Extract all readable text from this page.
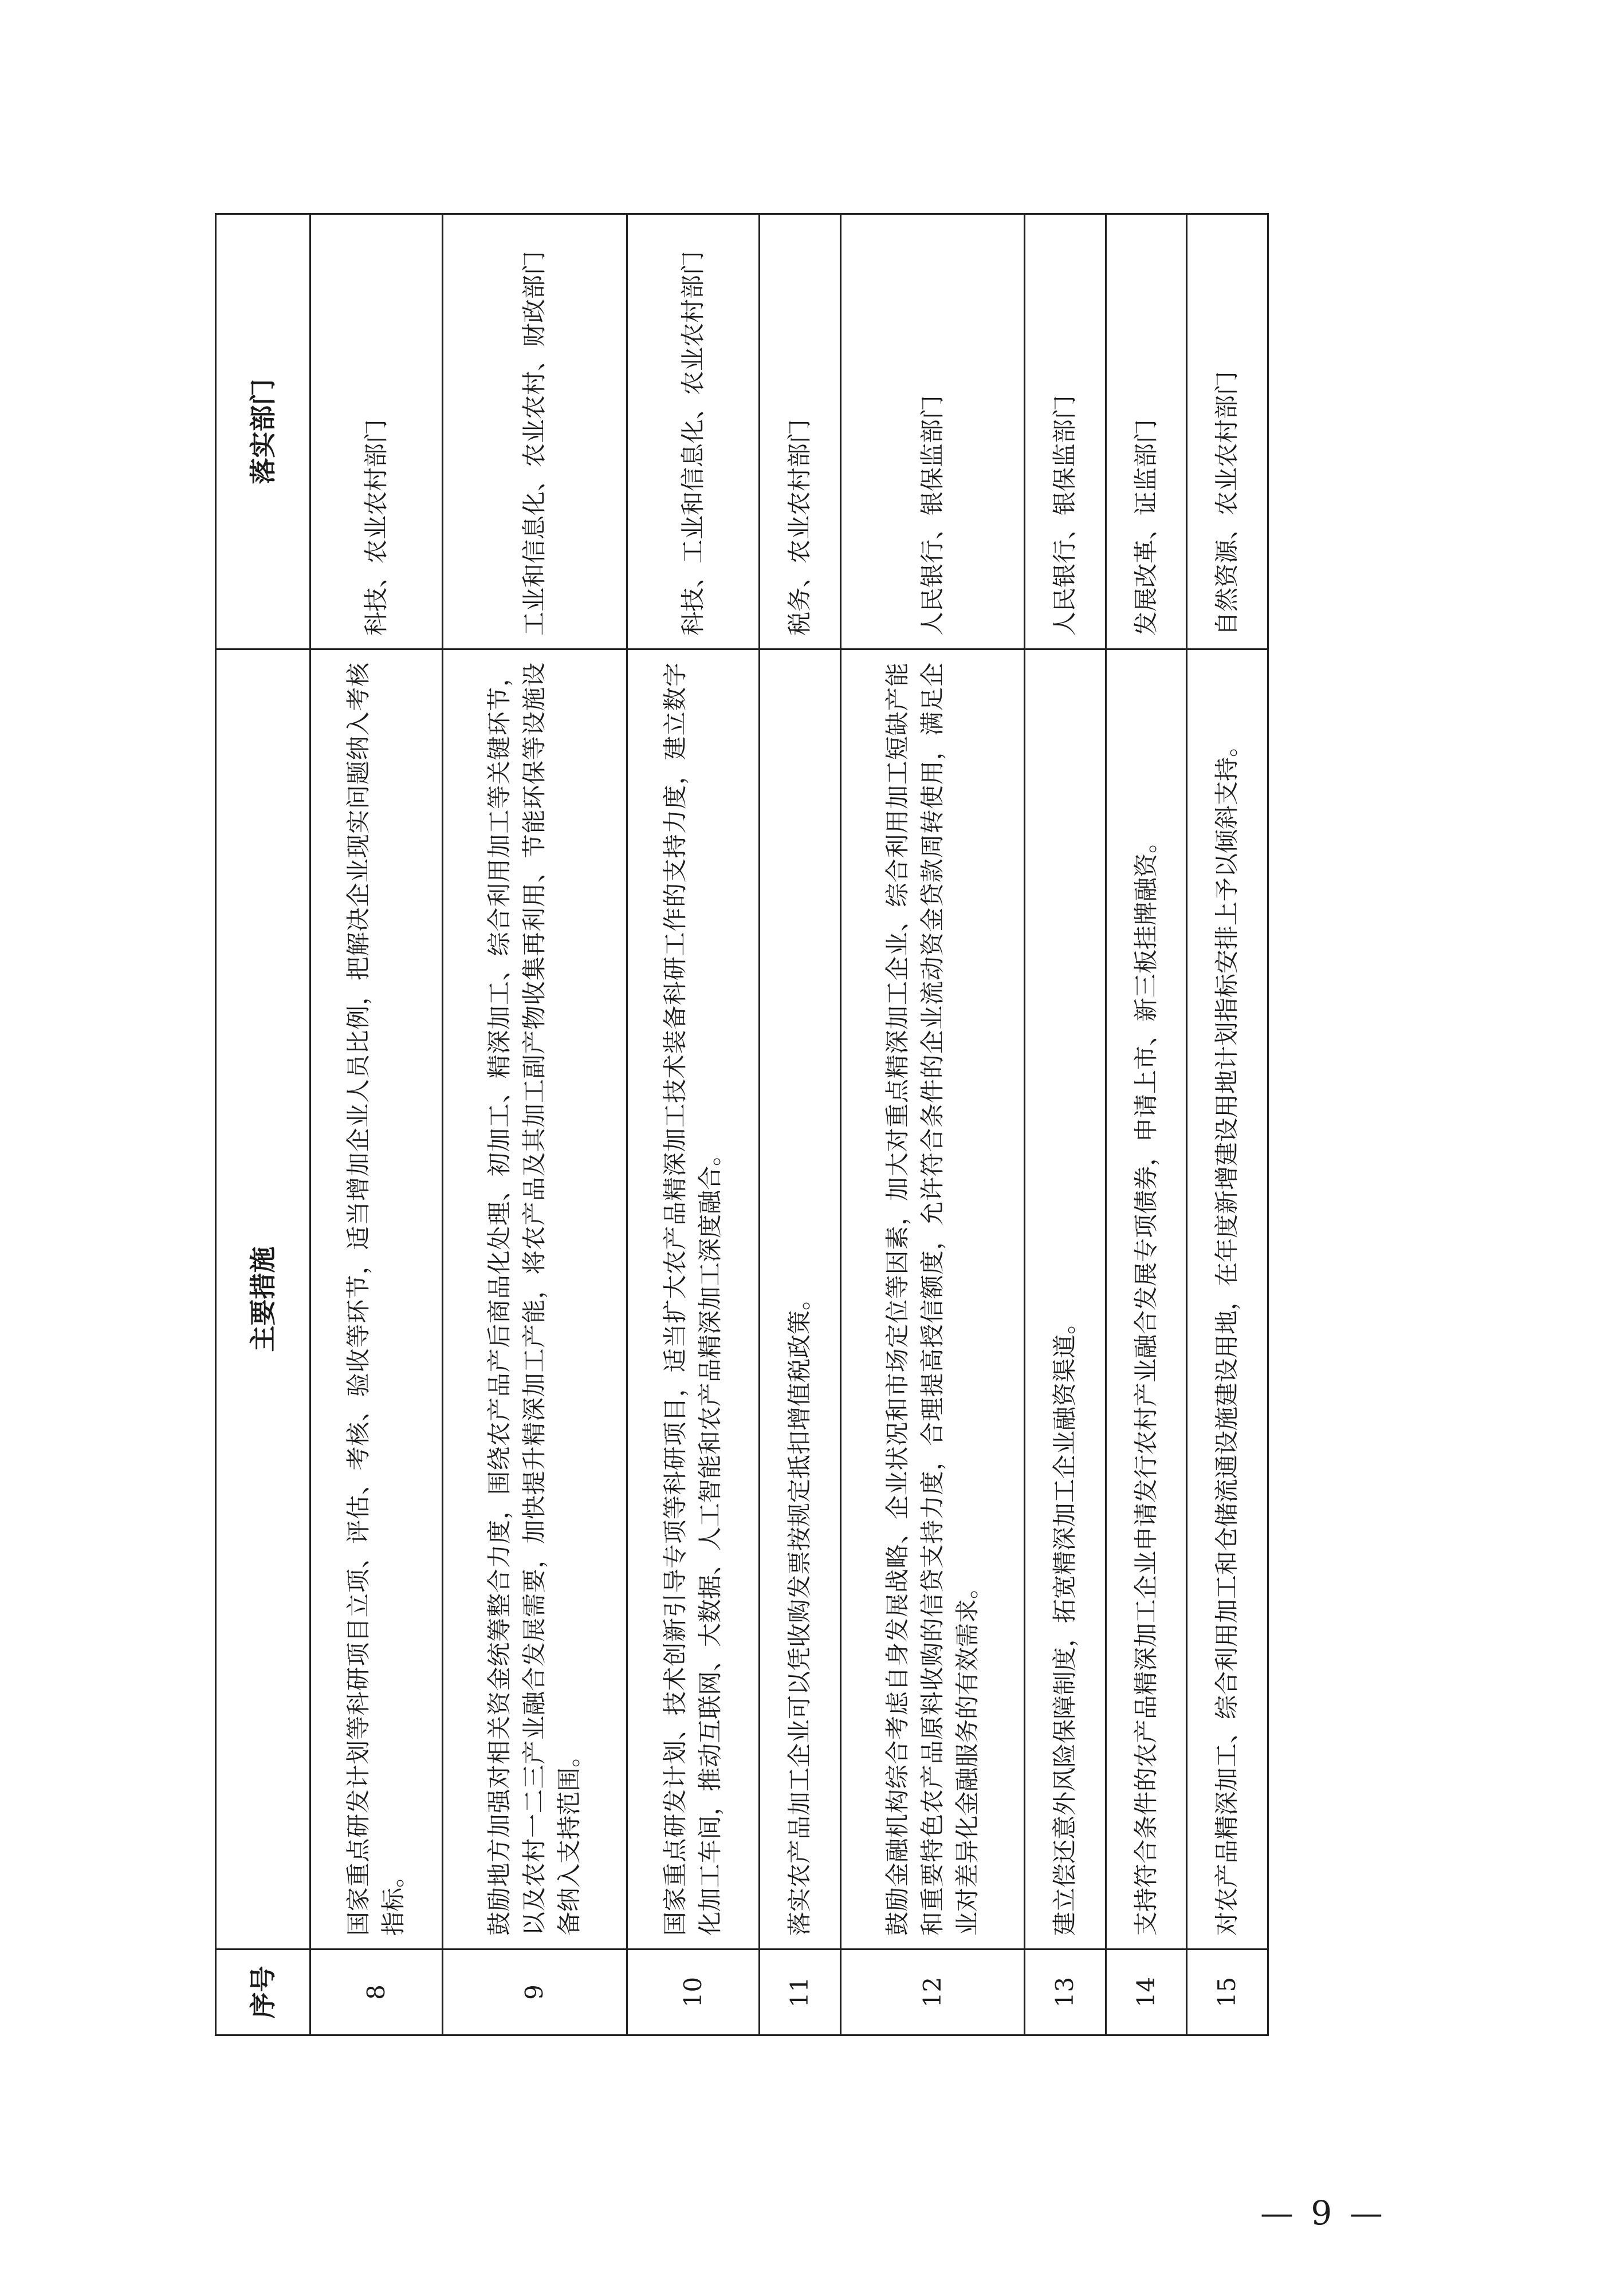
序号	主要措施	落实部门
8	国家重点研发计划等科研项目立项、评估、考核、验收等环节，适当增加企业人员比例，把解决企业现实问题纳入考核指标。	科技、农业农村部门
9	鼓励地方加强对相关资金统筹整合力度，围绕农产品产后商品化处理、初加工、精深加工、综合利用加工等关键环节，以及农村一二三产业融合发展需要，加快提升精深加工产能，将农产品及其加工副产物收集再利用、节能环保等设施设备纳入支持范围。	工业和信息化、农业农村、财政部门
10	国家重点研发计划、技术创新引导专项等科研项目，适当扩大农产品精深加工技术装备科研工作的支持力度，建立数字化加工车间，推动互联网、大数据、人工智能和农产品精深加工深度融合。	科技、工业和信息化、农业农村部门
11	落实农产品加工企业可以凭收购发票按规定抵扣增值税政策。	税务、农业农村部门
12	鼓励金融机构综合考虑自身发展战略、企业状况和市场定位等因素，加大对重点精深加工企业、综合利用加工短缺产能和重要特色农产品原料收购的信贷支持力度，合理提高授信额度，允许符合条件的企业流动资金贷款周转使用，满足企业对差异化金融服务的有效需求。	人民银行、银保监部门
13	建立偿还意外风险保障制度，拓宽精深加工企业融资渠道。	人民银行、银保监部门
14	支持符合条件的农产品精深加工企业申请发行农村产业融合发展专项债券，申请上市、新三板挂牌融资。	发展改革、证监部门
15	对农产品精深加工、综合利用加工和仓储流通设施建设用地，在年度新增建设用地计划指标安排上予以倾斜支持。	自然资源、农业农村部门
— 9 —
